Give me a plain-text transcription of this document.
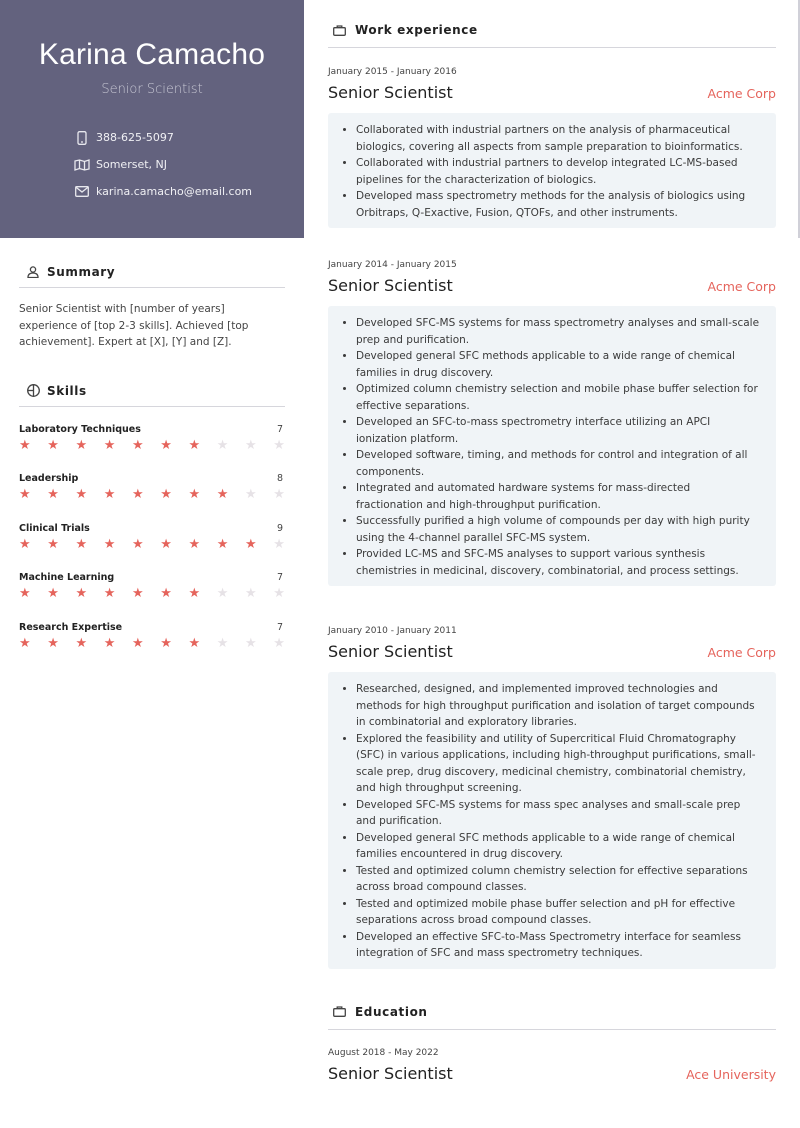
Karina Camacho
Senior Scientist
388-625-5097
Somerset, NJ
karina.camacho@email.com
Summary
Senior Scientist with [number of years] experience of [top 2-3 skills]. Achieved [top achievement]. Expert at [X], [Y] and [Z].
Skills
Laboratory Techniques	7
★ ★ ★ ★ ★ ★ ★ ★ ★ ★
Leadership	8
★ ★ ★ ★ ★ ★ ★ ★ ★ ★
Clinical Trials	9
★ ★ ★ ★ ★ ★ ★ ★ ★ ★
Machine Learning	7
★ ★ ★ ★ ★ ★ ★ ★ ★ ★
Research Expertise	7
★ ★ ★ ★ ★ ★ ★ ★ ★ ★
Work experience
January 2015 - January 2016
Senior Scientist	Acme Corp
• Collaborated with industrial partners on the analysis of pharmaceutical biologics, covering all aspects from sample preparation to bioinformatics.
• Collaborated with industrial partners to develop integrated LC-MS-based pipelines for the characterization of biologics.
• Developed mass spectrometry methods for the analysis of biologics using Orbitraps, Q-Exactive, Fusion, QTOFs, and other instruments.
January 2014 - January 2015
Senior Scientist	Acme Corp
• Developed SFC-MS systems for mass spectrometry analyses and small-scale prep and purification.
• Developed general SFC methods applicable to a wide range of chemical families in drug discovery.
• Optimized column chemistry selection and mobile phase buffer selection for effective separations.
• Developed an SFC-to-mass spectrometry interface utilizing an APCI ionization platform.
• Developed software, timing, and methods for control and integration of all components.
• Integrated and automated hardware systems for mass-directed fractionation and high-throughput purification.
• Successfully purified a high volume of compounds per day with high purity using the 4-channel parallel SFC-MS system.
• Provided LC-MS and SFC-MS analyses to support various synthesis chemistries in medicinal, discovery, combinatorial, and process settings.
January 2010 - January 2011
Senior Scientist	Acme Corp
• Researched, designed, and implemented improved technologies and methods for high throughput purification and isolation of target compounds in combinatorial and exploratory libraries.
• Explored the feasibility and utility of Supercritical Fluid Chromatography (SFC) in various applications, including high-throughput purifications, small-scale prep, drug discovery, medicinal chemistry, combinatorial chemistry, and high throughput screening.
• Developed SFC-MS systems for mass spec analyses and small-scale prep and purification.
• Developed general SFC methods applicable to a wide range of chemical families encountered in drug discovery.
• Tested and optimized column chemistry selection for effective separations across broad compound classes.
• Tested and optimized mobile phase buffer selection and pH for effective separations across broad compound classes.
• Developed an effective SFC-to-Mass Spectrometry interface for seamless integration of SFC and mass spectrometry techniques.
Education
August 2018 - May 2022
Senior Scientist	Ace University
